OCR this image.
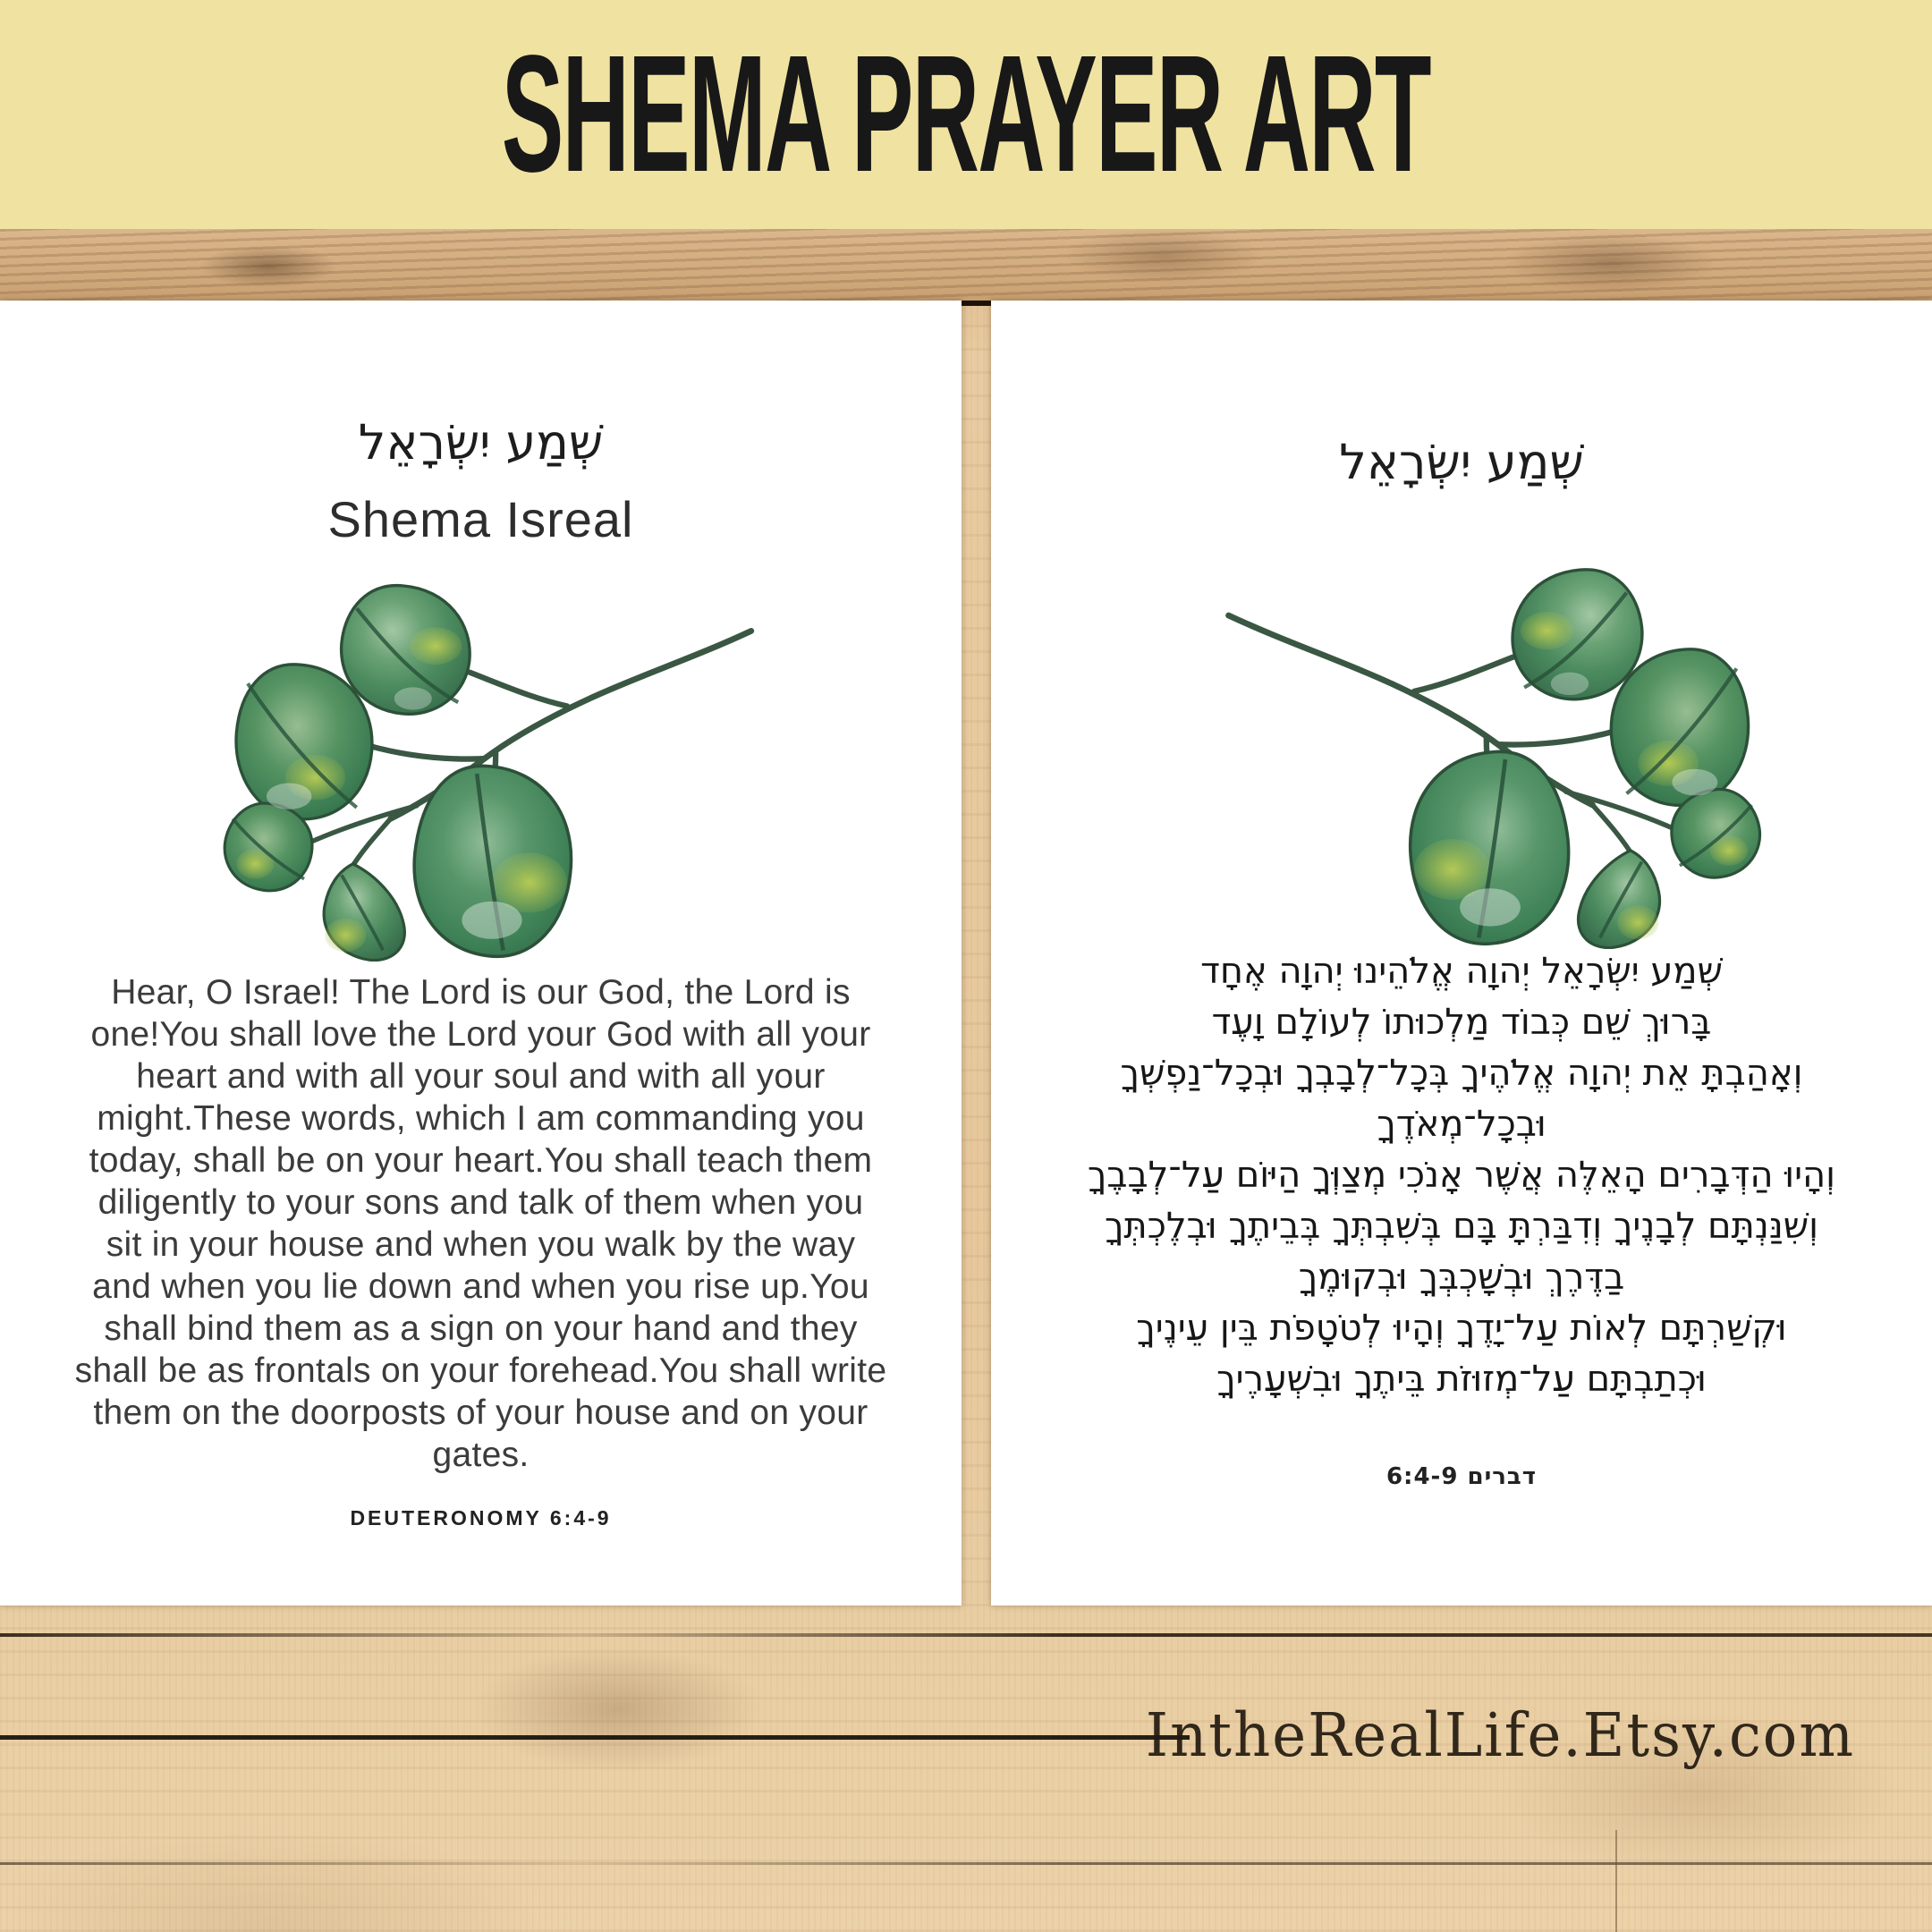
SHEMA PRAYER ART
שְׁמַע יִשְׂרָאֵל
Shema Isreal
Hear, O Israel! The Lord is our God, the Lord is
one!You shall love the Lord your God with all your
heart and with all your soul and with all your
might.These words, which I am commanding you
today, shall be on your heart.You shall teach them
diligently to your sons and talk of them when you
sit in your house and when you walk by the way
and when you lie down and when you rise up.You
shall bind them as a sign on your hand and they
shall be as frontals on your forehead.You shall write
them on the doorposts of your house and on your
gates.
DEUTERONOMY 6:4-9
שְׁמַע יִשְׂרָאֵל
שְׁמַע יִשְׂרָאֵל יְהוָה אֱלֹהֵינוּ יְהוָה אֶחָד
בָּרוּךְ שֵׁם כְּבוֹד מַלְכוּתוֹ לְעוֹלָם וָעֶד
וְאָהַבְתָּ אֵת יְהוָה אֱלֹהֶיךָ בְּכָל־לְבָבְךָ וּבְכָל־נַפְשְׁךָ
וּבְכָל־מְאֹדֶךָ
וְהָיוּ הַדְּבָרִים הָאֵלֶּה אֲשֶׁר אָנֹכִי מְצַוְּךָ הַיּוֹם עַל־לְבָבֶךָ
וְשִׁנַּנְתָּם לְבָנֶיךָ וְדִבַּרְתָּ בָּם בְּשִׁבְתְּךָ בְּבֵיתֶךָ וּבְלֶכְתְּךָ
בַדֶּרֶךְ וּבְשָׁכְבְּךָ וּבְקוּמֶךָ
וּקְשַׁרְתָּם לְאוֹת עַל־יָדֶךָ וְהָיוּ לְטֹטָפֹת בֵּין עֵינֶיךָ
וּכְתַבְתָּם עַל־מְזוּזֹת בֵּיתֶךָ וּבִשְׁעָרֶיךָ
דברים 6:4-9
IntheRealLife.Etsy.com
